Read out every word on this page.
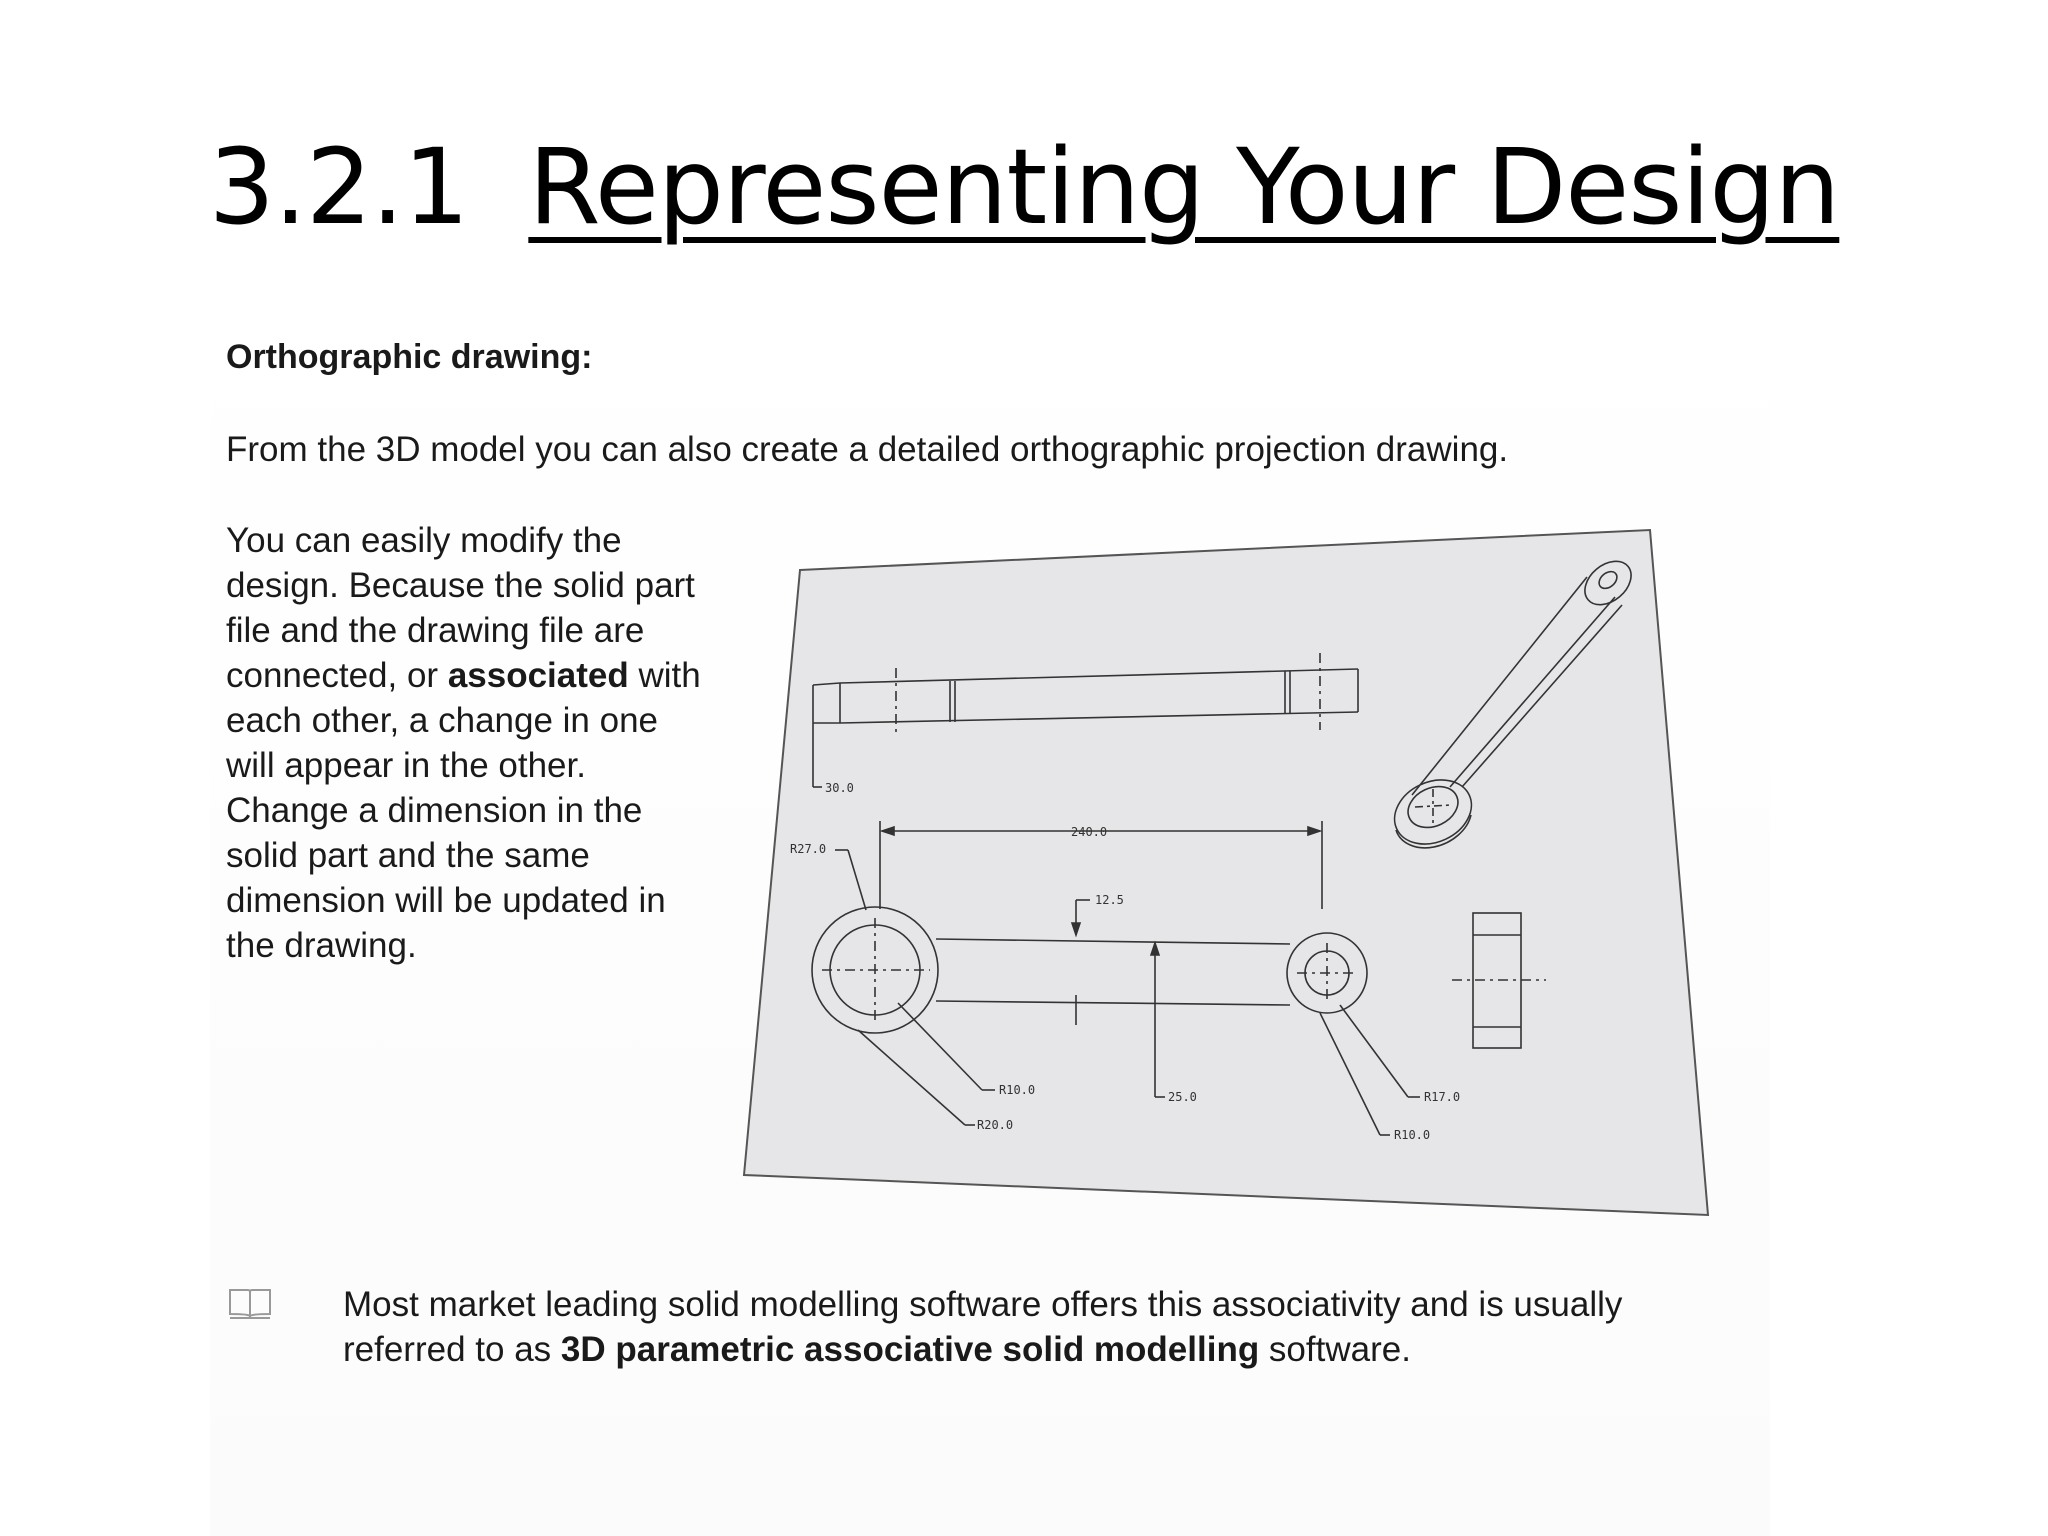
3.2.1 Representing Your Design
Orthographic drawing:
From the 3D model you can also create a detailed orthographic projection drawing.
You can easily modify the design. Because the solid part file and the drawing file are connected, or associated with each other, a change in one will appear in the other. Change a dimension in the solid part and the same dimension will be updated in the drawing.
30.0
240.0
R27.0
12.5
R10.0
R20.0
25.0	R17.0
R10.0
Most market leading solid modelling software offers this associativity and is usually referred to as 3D parametric associative solid modelling software.
